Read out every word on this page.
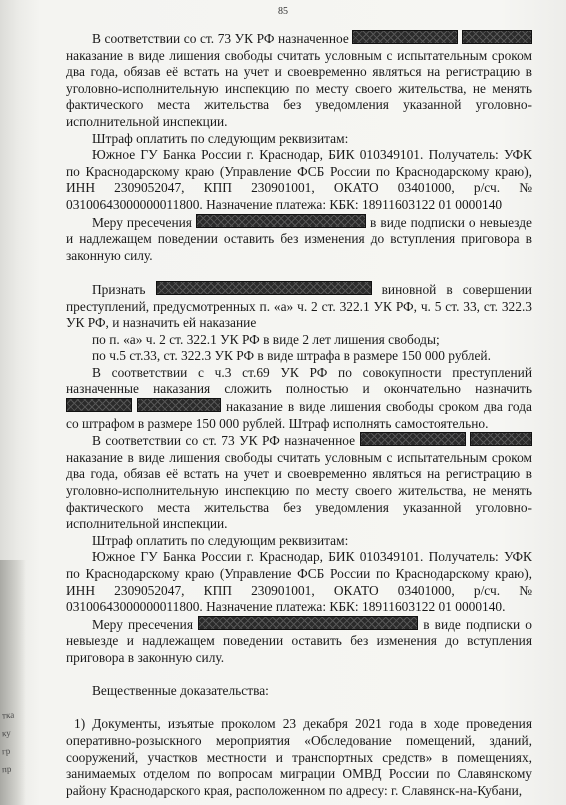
тка
ку
гр
пр
85

В соответствии со ст. 73 УК РФ назначенное   наказание в виде лишения свободы считать условным с испытательным сроком два года, обязав её встать на учет и своевременно являться на регистрацию в уголовно-исполнительную инспекцию по месту своего жительства, не менять фактического места жительства без уведомления указанной уголовно-исполнительной инспекции.

Штраф оплатить по следующим реквизитам:

Южное ГУ Банка России г. Краснодар, БИК 010349101. Получатель: УФК по Краснодарскому краю (Управление ФСБ России по Краснодарскому краю), ИНН 2309052047, КПП 230901001, ОКАТО 03401000, р/сч. № 03100643000000011800. Назначение платежа: КБК: 18911603122 01 0000140

Меру пресечения	в виде подписки о невыезде и надлежащем поведении оставить без изменения до вступления приговора в законную силу.

Признать	виновной в совершении преступлений, предусмотренных п. «а» ч. 2 ст. 322.1 УК РФ, ч. 5 ст. 33, ст. 322.3 УК РФ, и назначить ей наказание

по п. «а» ч. 2 ст. 322.1 УК РФ в виде 2 лет лишения свободы;

по ч.5 ст.33, ст. 322.3 УК РФ в виде штрафа в размере 150 000 рублей.

В соответствии с ч.3 ст.69 УК РФ по совокупности преступлений назначенные наказания сложить полностью и окончательно назначить   наказание в виде лишения свободы сроком два года со штрафом в размере 150 000 рублей. Штраф исполнять самостоятельно.

В соответствии со ст. 73 УК РФ назначенное   наказание в виде лишения свободы считать условным с испытательным сроком два года, обязав её встать на учет и своевременно являться на регистрацию в уголовно-исполнительную инспекцию по месту своего жительства, не менять фактического места жительства без уведомления указанной уголовно-исполнительной инспекции.

Штраф оплатить по следующим реквизитам:

Южное ГУ Банка России г. Краснодар, БИК 010349101. Получатель: УФК по Краснодарскому краю (Управление ФСБ России по Краснодарскому краю), ИНН 2309052047, КПП 230901001, ОКАТО 03401000, р/сч. № 03100643000000011800. Назначение платежа: КБК: 18911603122 01 0000140.

Меру пресечения	в виде подписки о невыезде и надлежащем поведении оставить без изменения до вступления приговора в законную силу.

Вещественные доказательства:

1) Документы, изъятые проколом 23 декабря 2021 года в ходе проведения оперативно-розыскного мероприятия «Обследование помещений, зданий, сооружений, участков местности и транспортных средств» в помещениях, занимаемых отделом по вопросам миграции ОМВД России по Славянскому району Краснодарского края, расположенном по адресу: г. Славянск-на-Кубани,
